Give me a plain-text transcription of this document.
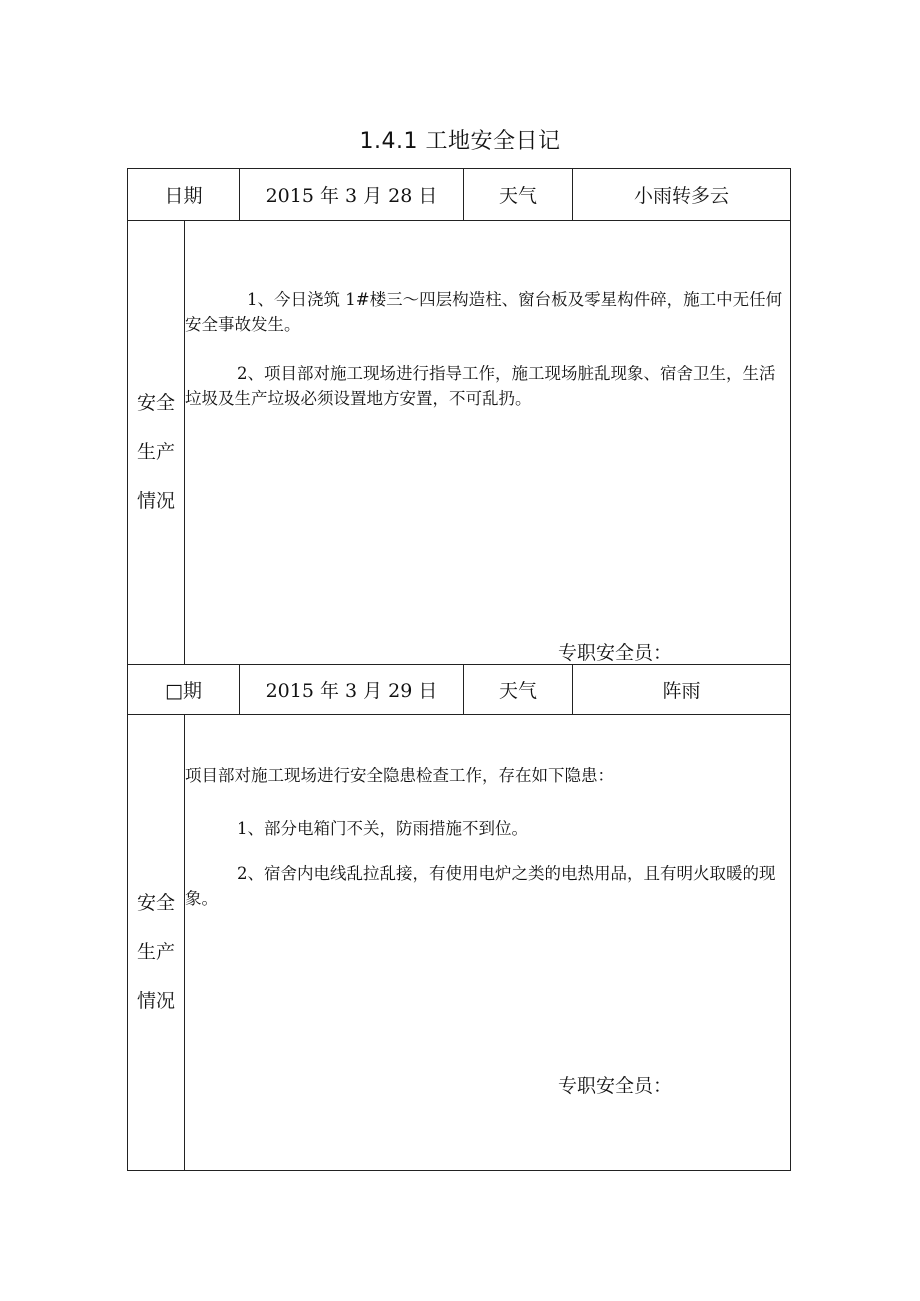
1.4.1 工地安全日记
日期	2015 年 3 月 28 日	天气	小雨转多云
安全
生产
情况
1、今日浇筑 1#楼三～四层构造柱、窗台板及零星构件碎，施工中无任何安全事故发生。
2、项目部对施工现场进行指导工作，施工现场脏乱现象、宿舍卫生，生活垃圾及生产垃圾必须设置地方安置，不可乱扔。
专职安全员：
□期	2015 年 3 月 29 日	天气	阵雨
安全
生产
情况
项目部对施工现场进行安全隐患检查工作，存在如下隐患：
1、部分电箱门不关，防雨措施不到位。
2、宿舍内电线乱拉乱接，有使用电炉之类的电热用品，且有明火取暖的现象。
专职安全员：
